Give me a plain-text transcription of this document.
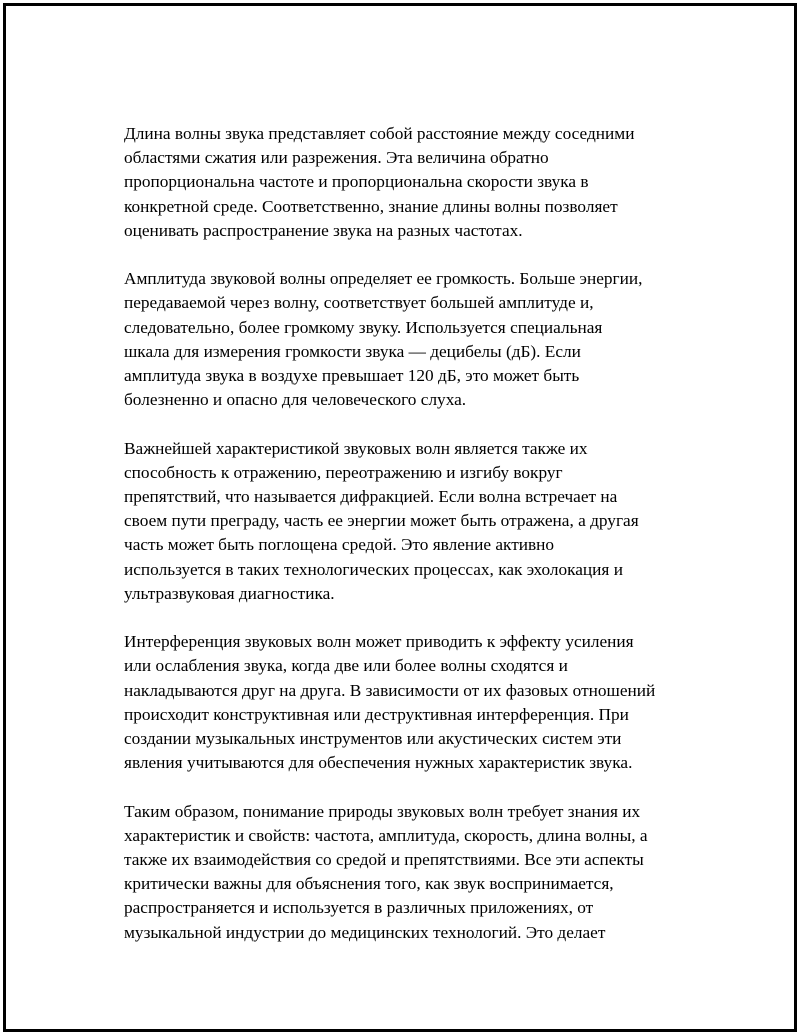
Длина волны звука представляет собой расстояние между соседними
областями сжатия или разрежения. Эта величина обратно
пропорциональна частоте и пропорциональна скорости звука в
конкретной среде. Соответственно, знание длины волны позволяет
оценивать распространение звука на разных частотах.

Амплитуда звуковой волны определяет ее громкость. Больше энергии,
передаваемой через волну, соответствует большей амплитуде и,
следовательно, более громкому звуку. Используется специальная
шкала для измерения громкости звука — децибелы (дБ). Если
амплитуда звука в воздухе превышает 120 дБ, это может быть
болезненно и опасно для человеческого слуха.

Важнейшей характеристикой звуковых волн является также их
способность к отражению, переотражению и изгибу вокруг
препятствий, что называется дифракцией. Если волна встречает на
своем пути преграду, часть ее энергии может быть отражена, а другая
часть может быть поглощена средой. Это явление активно
используется в таких технологических процессах, как эхолокация и
ультразвуковая диагностика.

Интерференция звуковых волн может приводить к эффекту усиления
или ослабления звука, когда две или более волны сходятся и
накладываются друг на друга. В зависимости от их фазовых отношений
происходит конструктивная или деструктивная интерференция. При
создании музыкальных инструментов или акустических систем эти
явления учитываются для обеспечения нужных характеристик звука.

Таким образом, понимание природы звуковых волн требует знания их
характеристик и свойств: частота, амплитуда, скорость, длина волны, а
также их взаимодействия со средой и препятствиями. Все эти аспекты
критически важны для объяснения того, как звук воспринимается,
распространяется и используется в различных приложениях, от
музыкальной индустрии до медицинских технологий. Это делает
